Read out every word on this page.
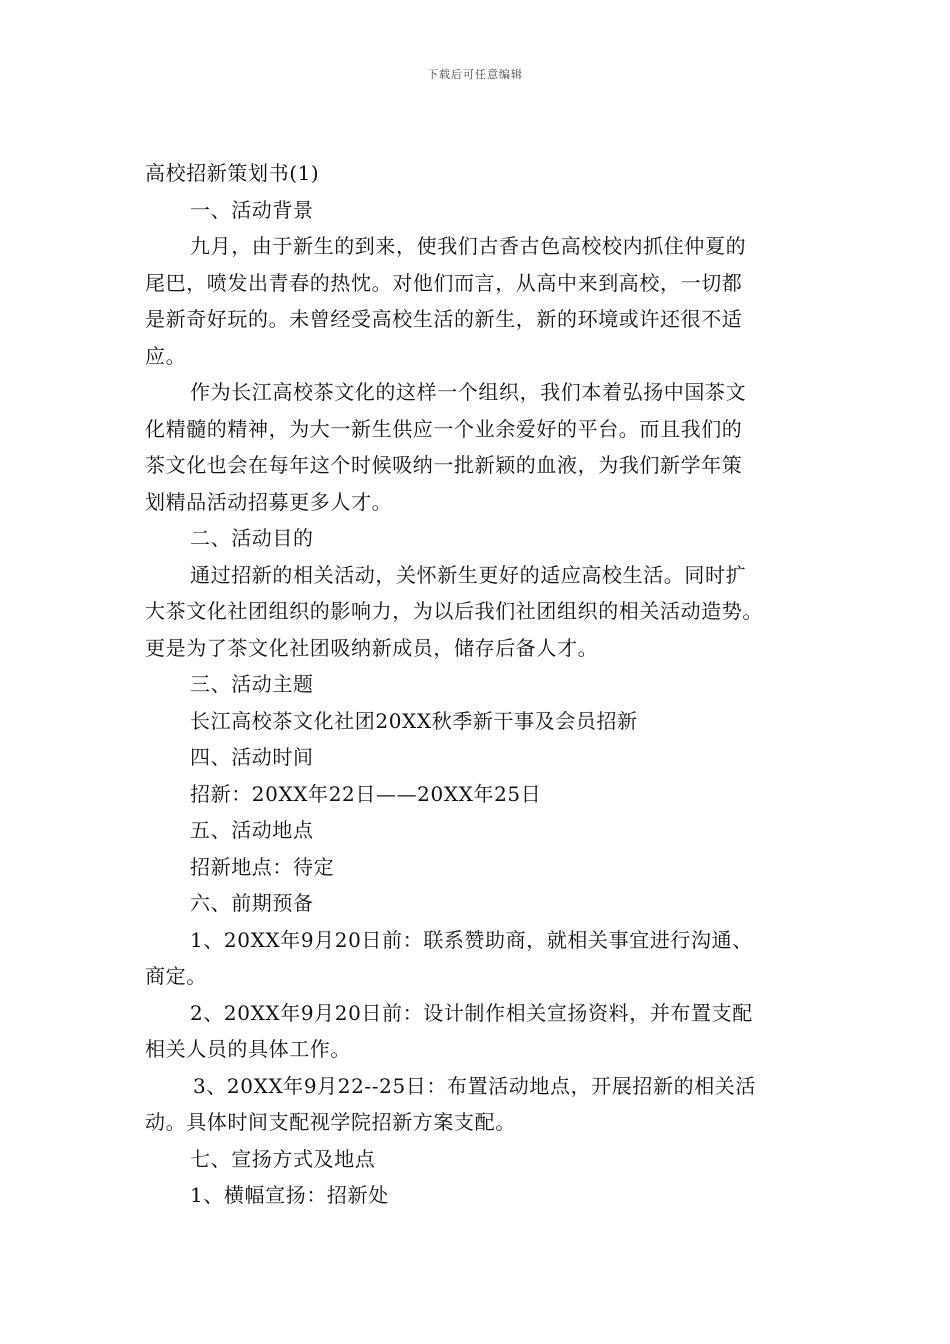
下载后可任意编辑
高校招新策划书(1)
一、活动背景
九月，由于新生的到来，使我们古香古色高校校内抓住仲夏的
尾巴，喷发出青春的热忱。对他们而言，从高中来到高校，一切都
是新奇好玩的。未曾经受高校生活的新生，新的环境或许还很不适
应。
作为长江高校茶文化的这样一个组织，我们本着弘扬中国茶文
化精髓的精神，为大一新生供应一个业余爱好的平台。而且我们的
茶文化也会在每年这个时候吸纳一批新颖的血液，为我们新学年策
划精品活动招募更多人才。
二、活动目的
通过招新的相关活动，关怀新生更好的适应高校生活。同时扩
大茶文化社团组织的影响力，为以后我们社团组织的相关活动造势。
更是为了茶文化社团吸纳新成员，储存后备人才。
三、活动主题
长江高校茶文化社团20XX秋季新干事及会员招新
四、活动时间
招新：20XX年22日——20XX年25日
五、活动地点
招新地点：待定
六、前期预备
1、20XX年9月20日前：联系赞助商，就相关事宜进行沟通、
商定。
2、20XX年9月20日前：设计制作相关宣扬资料，并布置支配
相关人员的具体工作。
3、20XX年9月22--25日：布置活动地点，开展招新的相关活
动。具体时间支配视学院招新方案支配。
七、宣扬方式及地点
1、横幅宣扬：招新处
